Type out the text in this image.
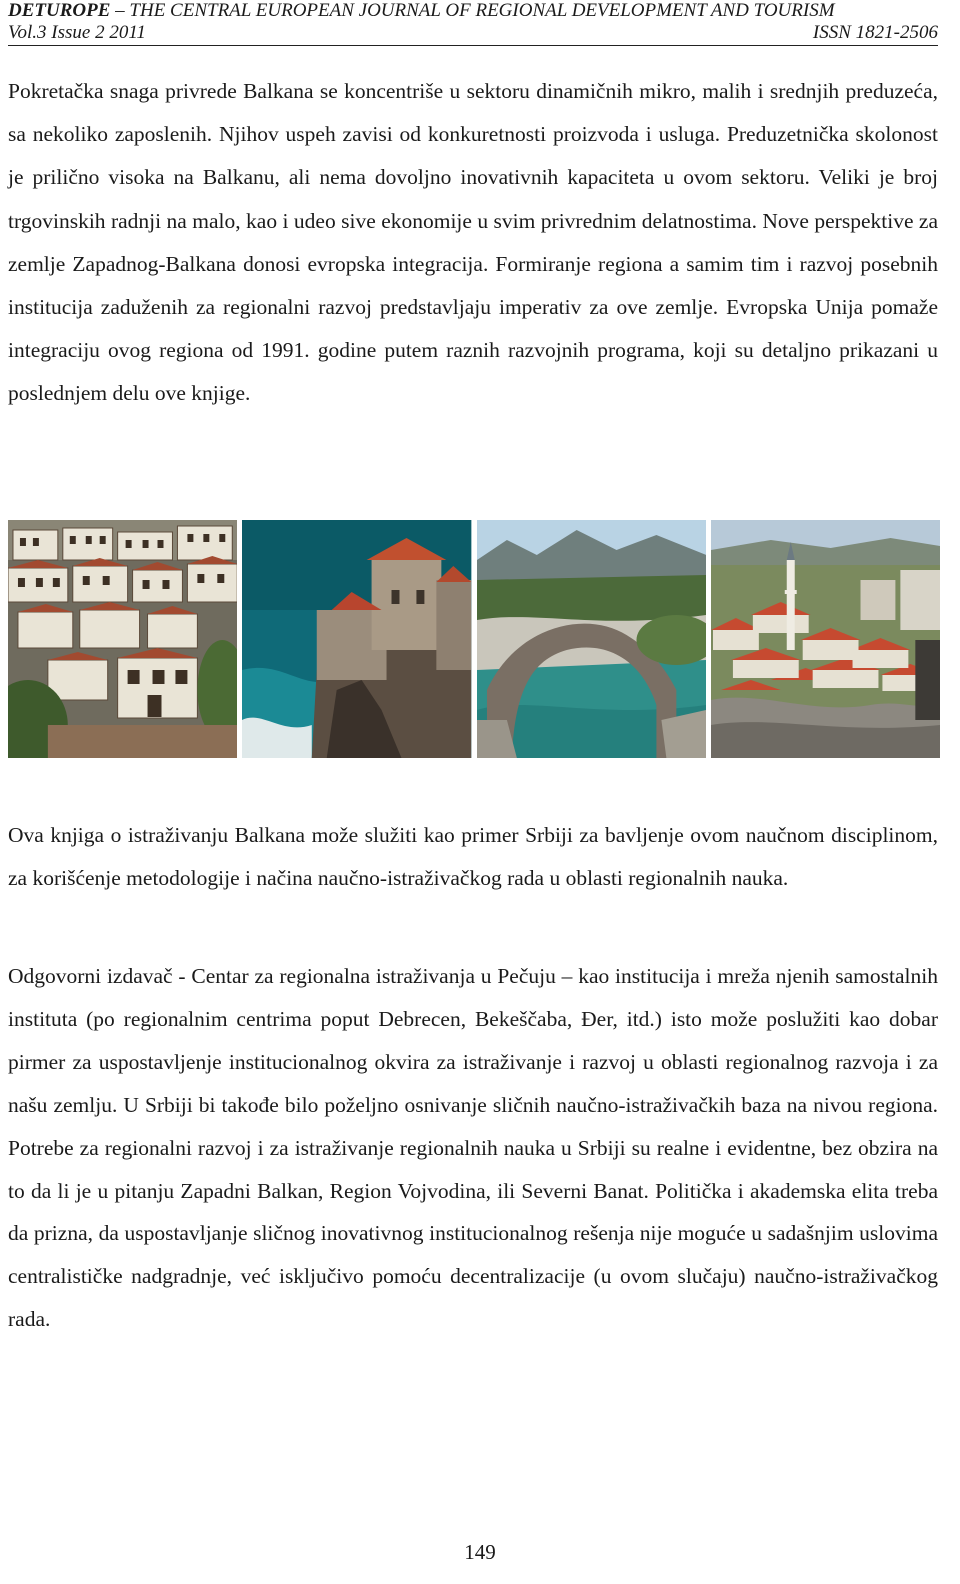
DETUROPE – THE CENTRAL EUROPEAN JOURNAL OF REGIONAL DEVELOPMENT AND TOURISM
Vol.3 Issue 2 2011	ISSN 1821-2506

Pokretačka snaga privrede Balkana se koncentriše u sektoru dinamičnih mikro, malih i srednjih preduzeća, sa nekoliko zaposlenih. Njihov uspeh zavisi od konkuretnosti proizvoda i usluga. Preduzetnička skolonost je prilično visoka na Balkanu, ali nema dovoljno inovativnih kapaciteta u ovom sektoru. Veliki je broj trgovinskih radnji na malo, kao i udeo sive ekonomije u svim privrednim delatnostima. Nove perspektive za zemlje Zapadnog-Balkana donosi evropska integracija. Formiranje regiona a samim tim i razvoj posebnih institucija zaduženih za regionalni razvoj predstavljaju imperativ za ove zemlje. Evropska Unija pomaže integraciju ovog regiona od 1991. godine putem raznih razvojnih programa, koji su detaljno prikazani u poslednjem delu ove knjige.

Ova knjiga o istraživanju Balkana može služiti kao primer Srbiji za bavljenje ovom naučnom disciplinom, za korišćenje metodologije i načina naučno-istraživačkog rada u oblasti regionalnih nauka.

Odgovorni izdavač - Centar za regionalna istraživanja u Pečuju – kao institucija i mreža njenih samostalnih instituta (po regionalnim centrima poput Debrecen, Bekeščaba, Đer, itd.) isto može poslužiti kao dobar pirmer za uspostavljenje institucionalnog okvira za istraživanje i razvoj u oblasti regionalnog razvoja i za našu zemlju. U Srbiji bi takođe bilo poželjno osnivanje sličnih naučno-istraživačkih baza na nivou regiona. Potrebe za regionalni razvoj i za istraživanje regionalnih nauka u Srbiji su realne i evidentne, bez obzira na to da li je u pitanju Zapadni Balkan, Region Vojvodina, ili Severni Banat. Politička i akademska elita treba da prizna, da uspostavljanje sličnog inovativnog institucionalnog rešenja nije moguće u sadašnjim uslovima centralističke nadgradnje, već isključivo pomoću decentralizacije (u ovom slučaju) naučno-istraživačkog rada.

149
